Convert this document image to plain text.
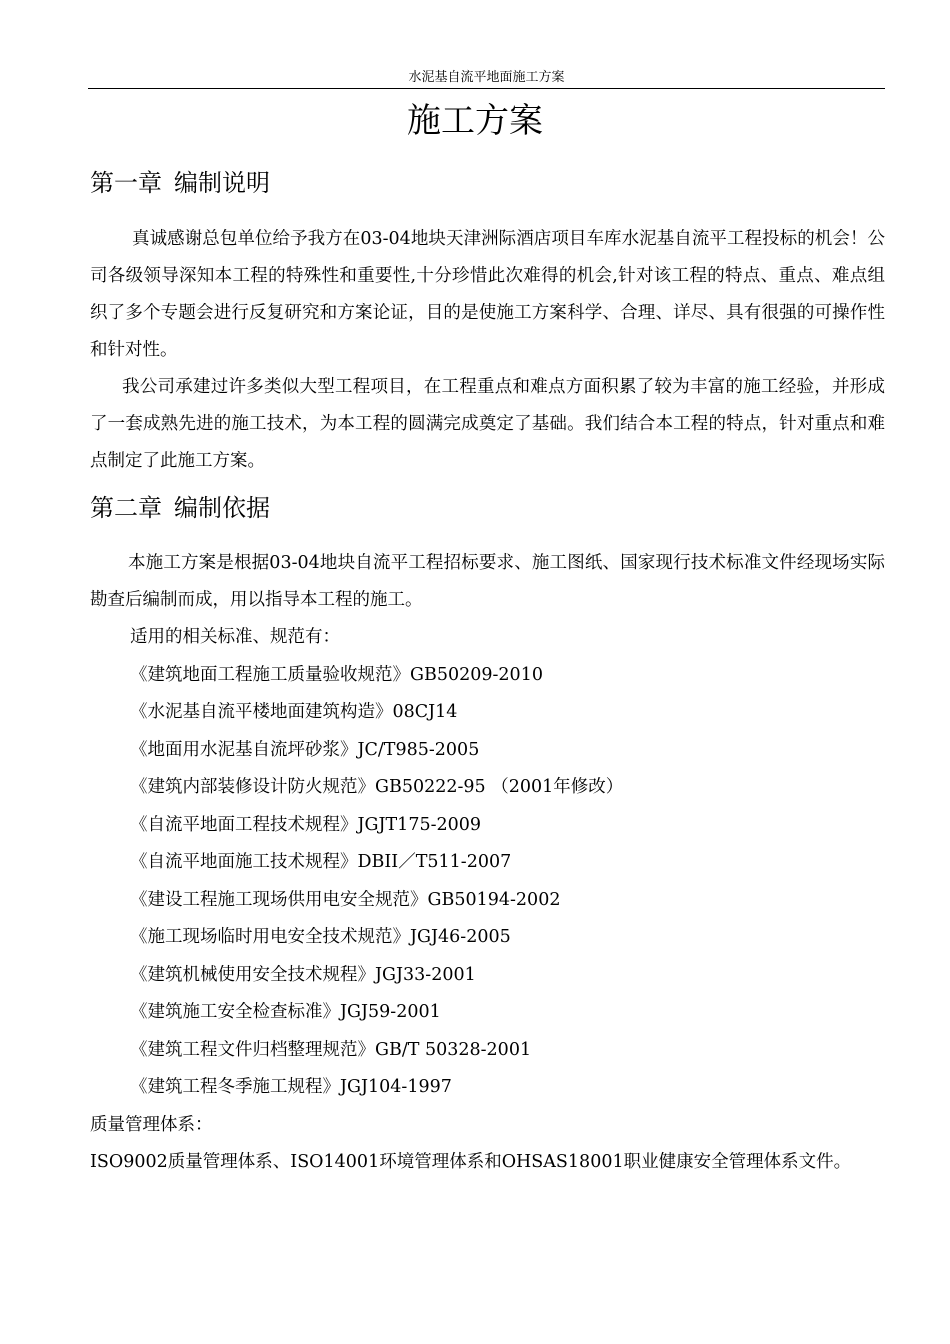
水泥基自流平地面施工方案
施工方案
第一章 编制说明
真诚感谢总包单位给予我方在03-04地块天津洲际酒店项目车库水泥基自流平工程投标的机会！公司各级领导深知本工程的特殊性和重要性,十分珍惜此次难得的机会,针对该工程的特点、重点、难点组织了多个专题会进行反复研究和方案论证，目的是使施工方案科学、合理、详尽、具有很强的可操作性和针对性。
我公司承建过许多类似大型工程项目，在工程重点和难点方面积累了较为丰富的施工经验，并形成了一套成熟先进的施工技术，为本工程的圆满完成奠定了基础。我们结合本工程的特点，针对重点和难点制定了此施工方案。
第二章 编制依据 
本施工方案是根据03-04地块自流平工程招标要求、施工图纸、国家现行技术标准文件经现场实际勘查后编制而成，用以指导本工程的施工。
适用的相关标准、规范有：
《建筑地面工程施工质量验收规范》GB50209-2010
《水泥基自流平楼地面建筑构造》08CJ14
《地面用水泥基自流坪砂浆》JC/T985-2005
《建筑内部装修设计防火规范》GB50222-95 （2001年修改）
《自流平地面工程技术规程》JGJT175-2009
《自流平地面施工技术规程》DBII／T511-2007
《建设工程施工现场供用电安全规范》GB50194-2002
《施工现场临时用电安全技术规范》JGJ46-2005
《建筑机械使用安全技术规程》JGJ33-2001
《建筑施工安全检查标准》JGJ59-2001
《建筑工程文件归档整理规范》GB/T 50328-2001
《建筑工程冬季施工规程》JGJ104-1997
质量管理体系：
ISO9002质量管理体系、ISO14001环境管理体系和OHSAS18001职业健康安全管理体系文件。
